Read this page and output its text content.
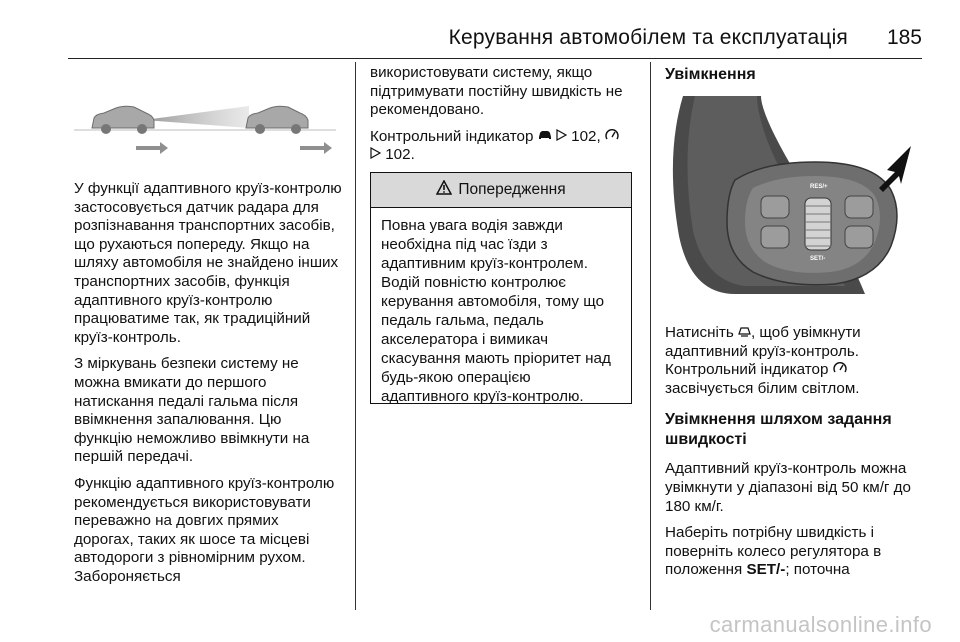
Керування автомобілем та експлуатація 185

У функції адаптивного круїз-контролю застосовується датчик радара для розпізнавання транспортних засобів, що рухаються попереду. Якщо на шляху автомобіля не знайдено інших транспортних засобів, функція адаптивного круїз-контролю працюватиме так, як традиційний круїз-контроль.

З міркувань безпеки систему не можна вмикати до першого натискання педалі гальма після ввімкнення запалювання. Цю функцію неможливо ввімкнути на першій передачі.

Функцію адаптивного круїз-контролю рекомендується використовувати переважно на довгих прямих дорогах, таких як шосе та місцеві автодороги з рівномірним рухом. Забороняється

використовувати систему, якщо підтримувати постійну швидкість не рекомендовано.

Контрольний індикатор 102,
102.

Попередження
Повна увага водія завжди необхідна під час їзди з адаптивним круїз-контролем. Водій повністю контролює керування автомобіля, тому що педаль гальма, педаль акселератора і вимикач скасування мають пріоритет над будь-якою операцією адаптивного круїз-контролю.
Увімкнення
RES/+
SET/-

Натисніть , щоб увімкнути адаптивний круїз-контроль.
Контрольний індикатор  засвічується білим світлом.

Увімкнення шляхом задання швидкості

Адаптивний круїз-контроль можна увімкнути у діапазоні від 50 км/г до 180 км/г.

Наберіть потрібну швидкість і поверніть колесо регулятора в положення SET/-; поточна

carmanualsonline.info
